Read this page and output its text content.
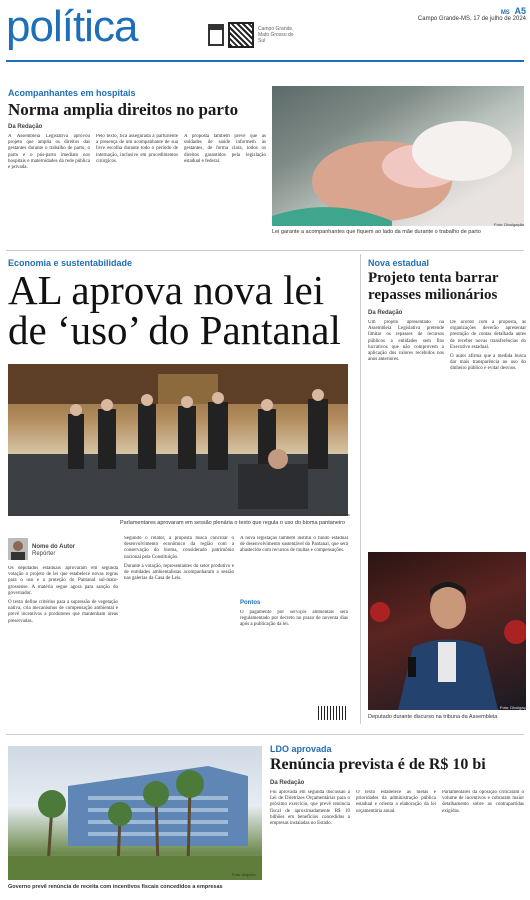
política	Campo Grande, Mato Grosso do Sul
MS A5
Campo Grande-MS, 17 de julho de 2024
Acompanhantes em hospitais
Norma amplia direitos no parto
Da Redação
A Assembleia Legislativa aprovou projeto que amplia os direitos das gestantes durante o trabalho de parto, o parto e o pós-parto imediato nos hospitais e maternidades da rede pública e privada.
Pelo texto, fica assegurada à parturiente a presença de um acompanhante de sua livre escolha durante todo o período de internação, inclusive em procedimentos cirúrgicos.
A proposta também prevê que as unidades de saúde informem às gestantes, de forma clara, todos os direitos garantidos pela legislação estadual e federal.
Lei garante a acompanhantes que fiquem ao lado da mãe durante o trabalho de parto
Foto: Divulgação
Economia e sustentabilidade
AL aprova nova lei
de ‘uso’ do Pantanal
Parlamentares aprovaram em sessão plenária o texto que regula o uso do bioma pantaneiro
Foto: Assessoria
Nome do Autor
Repórter

Os deputados estaduais aprovaram em segunda votação o projeto de lei que estabelece novas regras para o uso e a proteção do Pantanal sul-mato-grossense. A matéria segue agora para sanção do governador.

O texto define critérios para a supressão de vegetação nativa, cria mecanismos de compensação ambiental e prevê incentivos a produtores que mantenham áreas preservadas.

Segundo o relator, a proposta busca conciliar o desenvolvimento econômico da região com a conservação do bioma, considerado patrimônio nacional pela Constituição.

Durante a votação, representantes do setor produtivo e de entidades ambientalistas acompanharam a sessão nas galerias da Casa de Leis.

A nova legislação também institui o fundo estadual de desenvolvimento sustentável do Pantanal, que será abastecido com recursos de multas e compensações.
Pontos
O pagamento por serviços ambientais será regulamentado por decreto no prazo de noventa dias após a publicação da lei.
Nova estadual
Projeto tenta barrar repasses milionários
Da Redação
Um projeto apresentado na Assembleia Legislativa pretende limitar os repasses de recursos públicos a entidades sem fins lucrativos que não comprovem a aplicação dos valores recebidos nos anos anteriores.

De acordo com a proposta, as organizações deverão apresentar prestação de contas detalhada antes de receber novas transferências do Executivo estadual.

O autor afirma que a medida busca dar mais transparência ao uso do dinheiro público e evitar desvios.

Deputado durante discurso na tribuna da Assembleia
Foto: Divulgação
Governo prevê renúncia de receita com incentivos fiscais concedidos a empresas
Foto: Arquivo
LDO aprovada
Renúncia prevista é de R$ 10 bi
Da Redação
Foi aprovada em segunda discussão a Lei de Diretrizes Orçamentárias para o próximo exercício, que prevê renúncia fiscal de aproximadamente R$ 10 bilhões em benefícios concedidos a empresas instaladas no Estado.
O texto estabelece as metas e prioridades da administração pública estadual e orienta a elaboração da lei orçamentária anual.
Parlamentares da oposição criticaram o volume de incentivos e cobraram maior detalhamento sobre as contrapartidas exigidas.
